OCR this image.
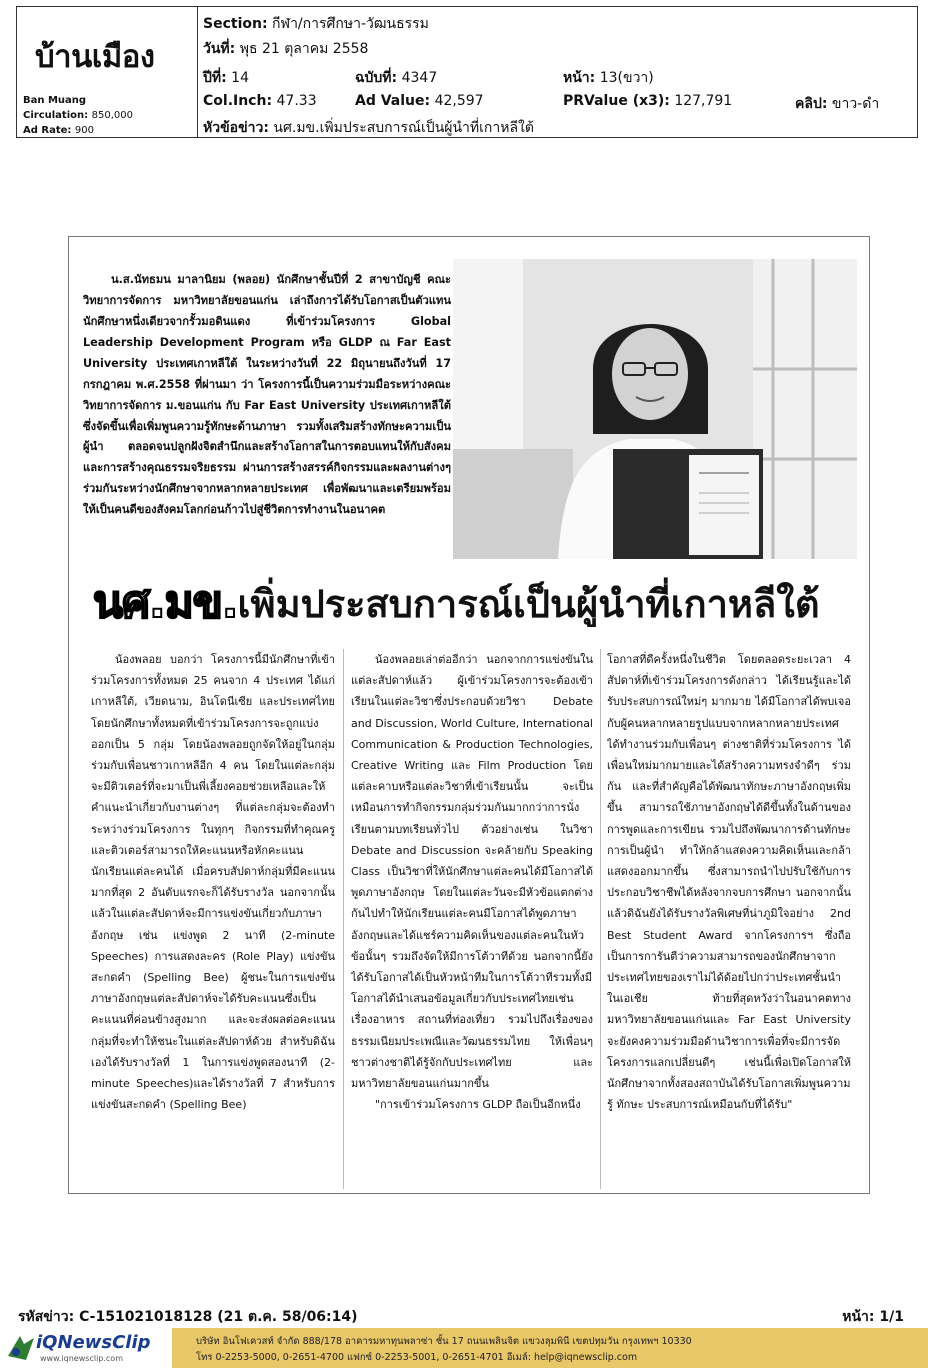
บ้านเมือง
Ban Muang
Circulation: 850,000
Ad Rate: 900
Section: กีฬา/การศึกษา-วัฒนธรรม
วันที่: พุธ 21 ตุลาคม 2558
ปีที่: 14	ฉบับที่: 4347	หน้า: 13(ขวา)
Col.Inch: 47.33	Ad Value: 42,597	PRValue (x3): 127,791	คลิป: ขาว-ดำ
หัวข้อข่าว: นศ.มข.เพิ่มประสบการณ์เป็นผู้นำที่เกาหลีใต้

น.ส.นัทธมน มาลานิยม (พลอย) นักศึกษาชั้นปีที่ 2 สาขาบัญชี คณะวิทยาการจัดการ มหาวิทยาลัยขอนแก่น เล่าถึงการได้รับโอกาสเป็นตัวแทนนักศึกษาหนึ่งเดียวจากรั้วมอดินแดง ที่เข้าร่วมโครงการ Global Leadership Development Program หรือ GLDP ณ Far East University ประเทศเกาหลีใต้ ในระหว่างวันที่ 22 มิถุนายนถึงวันที่ 17 กรกฎาคม พ.ศ.2558 ที่ผ่านมา ว่า โครงการนี้เป็นความร่วมมือระหว่างคณะวิทยาการจัดการ ม.ขอนแก่น กับ Far East University ประเทศเกาหลีใต้ ซึ่งจัดขึ้นเพื่อเพิ่มพูนความรู้ทักษะด้านภาษา รวมทั้งเสริมสร้างทักษะความเป็นผู้นำ ตลอดจนปลูกฝังจิตสำนึกและสร้างโอกาสในการตอบแทนให้กับสังคม และการสร้างคุณธรรมจริยธรรม ผ่านการสร้างสรรค์กิจกรรมและผลงานต่างๆ ร่วมกันระหว่างนักศึกษาจากหลากหลายประเทศ เพื่อพัฒนาและเตรียมพร้อมให้เป็นคนดีของสังคมโลกก่อนก้าวไปสู่ชีวิตการทำงานในอนาคต

นศ.มข.เพิ่มประสบการณ์เป็นผู้นำที่เกาหลีใต้

น้องพลอย บอกว่า โครงการนี้มีนักศึกษาที่เข้าร่วมโครงการทั้งหมด 25 คนจาก 4 ประเทศ ได้แก่ เกาหลีใต้, เวียดนาม, อินโดนีเซีย และประเทศไทย โดยนักศึกษาทั้งหมดที่เข้าร่วมโครงการจะถูกแบ่งออกเป็น 5 กลุ่ม โดยน้องพลอยถูกจัดให้อยู่ในกลุ่มร่วมกับเพื่อนชาวเกาหลีอีก 4 คน โดยในแต่ละกลุ่มจะมีติวเตอร์ที่จะมาเป็นพี่เลี้ยงคอยช่วยเหลือและให้คำแนะนำเกี่ยวกับงานต่างๆ ที่แต่ละกลุ่มจะต้องทำระหว่างร่วมโครงการ ในทุกๆ กิจกรรมที่ทำคุณครูและติวเตอร์สามารถให้คะแนนหรือหักคะแนนนักเรียนแต่ละคนได้ เมื่อครบสัปดาห์กลุ่มที่มีคะแนนมากที่สุด 2 อันดับแรกจะก็ได้รับรางวัล นอกจากนั้นแล้วในแต่ละสัปดาห์จะมีการแข่งขันเกี่ยวกับภาษาอังกฤษ เช่น แข่งพูด 2 นาที (2-minute Speeches) การแสดงละคร (Role Play) แข่งขันสะกดคำ (Spelling Bee) ผู้ชนะในการแข่งขันภาษาอังกฤษแต่ละสัปดาห์จะได้รับคะแนนซึ่งเป็นคะแนนที่ค่อนข้างสูงมาก และจะส่งผลต่อคะแนนกลุ่มที่จะทำให้ชนะในแต่ละสัปดาห์ด้วย สำหรับดิฉันเองได้รับรางวัลที่ 1 ในการแข่งพูดสองนาที (2-minute Speeches)และได้รางวัลที่ 7 สำหรับการแข่งขันสะกดคำ (Spelling Bee)

น้องพลอยเล่าต่ออีกว่า นอกจากการแข่งขันในแต่ละสัปดาห์แล้ว ผู้เข้าร่วมโครงการจะต้องเข้าเรียนในแต่ละวิชาซึ่งประกอบด้วยวิชา Debate and Discussion, World Culture, International Communication & Production Technologies, Creative Writing และ Film Production โดยแต่ละคาบหรือแต่ละวิชาที่เข้าเรียนนั้น จะเป็นเหมือนการทำกิจกรรมกลุ่มร่วมกันมากกว่าการนั่งเรียนตามบทเรียนทั่วไป ตัวอย่างเช่น ในวิชา Debate and Discussion จะคล้ายกับ Speaking Class เป็นวิชาที่ให้นักศึกษาแต่ละคนได้มีโอกาสได้พูดภาษาอังกฤษ โดยในแต่ละวันจะมีหัวข้อแตกต่างกันไปทำให้นักเรียนแต่ละคนมีโอกาสได้พูดภาษาอังกฤษและได้แชร์ความคิดเห็นของแต่ละคนในหัวข้อนั้นๆ รวมถึงจัดให้มีการโต้วาทีด้วย นอกจากนี้ยังได้รับโอกาสได้เป็นหัวหน้าทีมในการโต้วาทีรวมทั้งมีโอกาสได้นำเสนอข้อมูลเกี่ยวกับประเทศไทยเช่น เรื่องอาหาร สถานที่ท่องเที่ยว รวมไปถึงเรื่องของธรรมเนียมประเพณีและวัฒนธรรมไทย ให้เพื่อนๆ ชาวต่างชาติได้รู้จักกับประเทศไทย และมหาวิทยาลัยขอนแก่นมากขึ้น

"การเข้าร่วมโครงการ GLDP ถือเป็นอีกหนึ่ง

โอกาสที่ดีครั้งหนึ่งในชีวิต โดยตลอดระยะเวลา 4 สัปดาห์ที่เข้าร่วมโครงการดังกล่าว ได้เรียนรู้และได้รับประสบการณ์ใหม่ๆ มากมาย ได้มีโอกาสได้พบเจอกับผู้คนหลากหลายรูปแบบจากหลากหลายประเทศ ได้ทำงานร่วมกับเพื่อนๆ ต่างชาติที่ร่วมโครงการ ได้เพื่อนใหม่มากมายและได้สร้างความทรงจำดีๆ ร่วมกัน และที่สำคัญคือได้พัฒนาทักษะภาษาอังกฤษเพิ่มขึ้น สามารถใช้ภาษาอังกฤษได้ดีขึ้นทั้งในด้านของการพูดและการเขียน รวมไปถึงพัฒนาการด้านทักษะการเป็นผู้นำ ทำให้กล้าแสดงความคิดเห็นและกล้าแสดงออกมากขึ้น ซึ่งสามารถนำไปปรับใช้กับการประกอบวิชาชีพได้หลังจากจบการศึกษา นอกจากนั้นแล้วดิฉันยังได้รับรางวัลพิเศษที่น่าภูมิใจอย่าง 2nd Best Student Award จากโครงการฯ ซึ่งถือเป็นการการันตีว่าความสามารถของนักศึกษาจากประเทศไทยของเราไม่ได้ด้อยไปกว่าประเทศชั้นนำในเอเชีย ท้ายที่สุดหวังว่าในอนาคตทาง มหาวิทยาลัยขอนแก่นและ Far East University จะยังคงความร่วมมือด้านวิชาการเพื่อที่จะมีการจัดโครงการแลกเปลี่ยนดีๆ เช่นนี้เพื่อเปิดโอกาสให้นักศึกษาจากทั้งสองสถาบันได้รับโอกาสเพิ่มพูนความรู้ ทักษะ ประสบการณ์เหมือนกับที่ได้รับ"

รหัสข่าว: C-151021018128 (21 ต.ค. 58/06:14)	หน้า: 1/1
iQNewsClip
www.iqnewsclip.com
บริษัท อินโฟเควสท์ จำกัด 888/178 อาคารมหาทุนพลาซ่า ชั้น 17 ถนนเพลินจิต แขวงลุมพินี เขตปทุมวัน กรุงเทพฯ 10330
โทร 0-2253-5000, 0-2651-4700 แฟกซ์ 0-2253-5001, 0-2651-4701 อีเมล์: help@iqnewsclip.com
